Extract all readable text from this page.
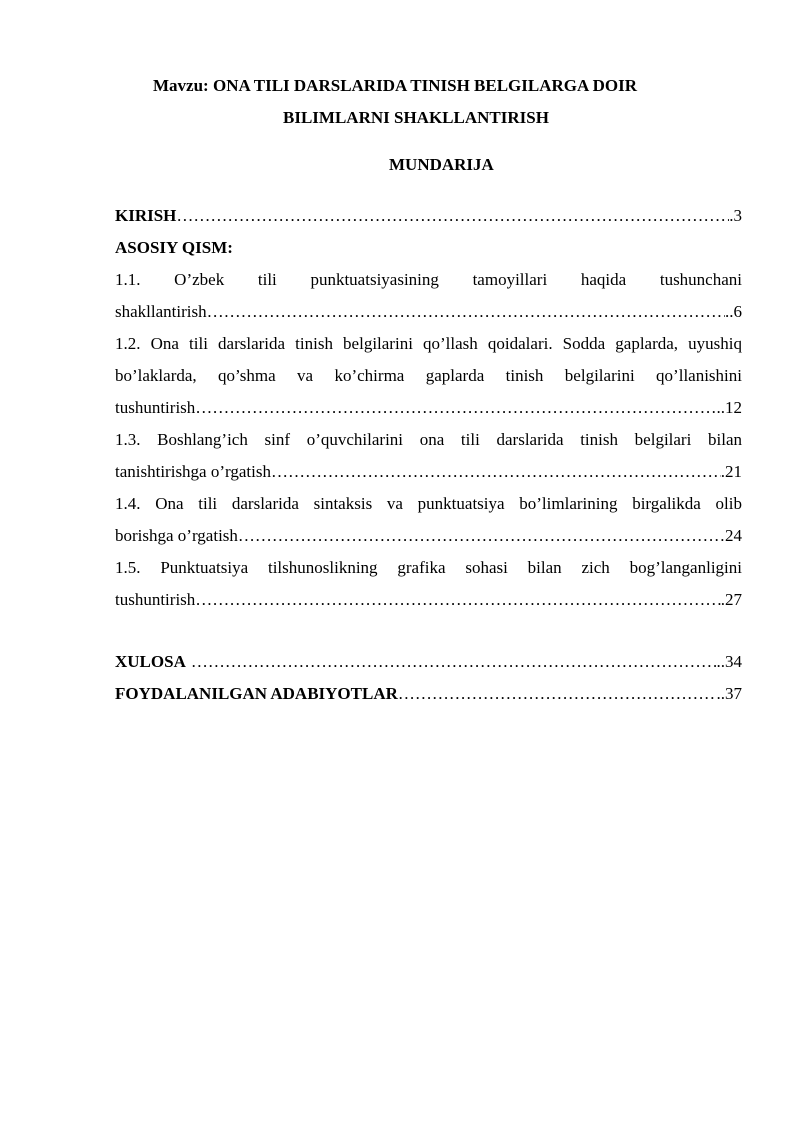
Mavzu: ONA TILI DARSLARIDA TINISH BELGILARGA DOIR
BILIMLARNI SHAKLLANTIRISH
MUNDARIJA
KIRISH …………………………………………………………………………………………………………………………………………………………………………………………	.3
ASOSIY QISM:
1.1. O’zbek tili punktuatsiyasining tamoyillari haqida tushunchani
shakllantirish …………………………………………………………………………………………………………………………………………………………………………………………	..6
1.2. Ona tili darslarida tinish belgilarini qo’llash qoidalari. Sodda gaplarda, uyushiq
bo’laklarda, qo’shma va ko’chirma gaplarda tinish belgilarini qo’llanishini
tushuntirish …………………………………………………………………………………………………………………………………………………………………………………………	..12
1.3. Boshlang’ich sinf o’quvchilarini ona tili darslarida tinish belgilari bilan
tanishtirishga o’rgatish …………………………………………………………………………………………………………………………………………………………………………………………	.21
1.4. Ona tili darslarida sintaksis va punktuatsiya bo’limlarining birgalikda olib
borishga o’rgatish …………………………………………………………………………………………………………………………………………………………………………………………	24
1.5. Punktuatsiya tilshunoslikning grafika sohasi bilan zich bog’langanligini
tushuntirish …………………………………………………………………………………………………………………………………………………………………………………………	.27
XULOSA …………………………………………………………………………………………………………………………………………………………………………………………	..34
FOYDALANILGAN ADABIYOTLAR …………………………………………………………………………………………………………………………………………………………………………………………	..37
